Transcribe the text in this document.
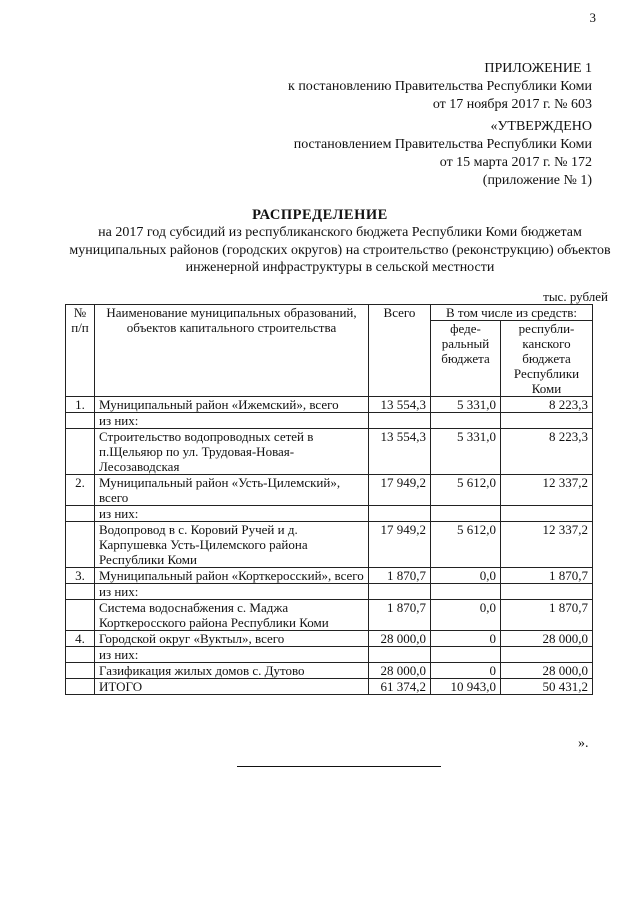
3
ПРИЛОЖЕНИЕ 1
к постановлению Правительства Республики Коми
от 17 ноября 2017 г. № 603
«УТВЕРЖДЕНО
постановлением Правительства Республики Коми
от 15 марта 2017 г. № 172
(приложение № 1)
РАСПРЕДЕЛЕНИЕ
на 2017 год субсидий из республиканского бюджета Республики Коми бюджетам муниципальных районов (городских округов) на строительство (реконструкцию) объектов инженерной инфраструктуры в сельской местности
тыс. рублей
№ п/п	Наименование муниципальных образований, объектов капитального строительства	Всего	В том числе из средств:	
			феде-ральный бюджета	республи-канского бюджета Республики Коми
1.	Муниципальный район «Ижемский», всего	13 554,3	5 331,0	8 223,3
	из них:			
	Строительство водопроводных сетей в п.Щельяюр по ул. Трудовая-Новая-Лесозаводская	13 554,3	5 331,0	8 223,3
2.	Муниципальный район «Усть-Цилемский», всего	17 949,2	5 612,0	12 337,2
	из них:			
	Водопровод в с. Коровий Ручей и д. Карпушевка Усть-Цилемского района Республики Коми	17 949,2	5 612,0	12 337,2
3.	Муниципальный район «Корткеросский», всего	1 870,7	0,0	1 870,7
	из них:			
	Система водоснабжения с. Маджа Корткеросского района Республики Коми	1 870,7	0,0	1 870,7
4.	Городской округ «Вуктыл», всего	28 000,0	0	28 000,0
	из них:			
	Газификация жилых домов с. Дутово	28 000,0	0	28 000,0
	ИТОГО	61 374,2	10 943,0	50 431,2
».
